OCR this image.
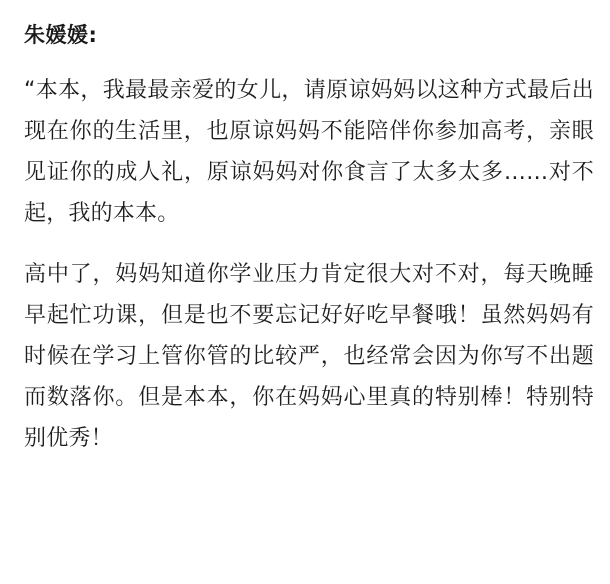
朱媛媛:

“本本，我最最亲爱的女儿，请原谅妈妈以这种方式最后出现在你的生活里，也原谅妈妈不能陪伴你参加高考，亲眼见证你的成人礼，原谅妈妈对你食言了太多太多……对不起，我的本本。

高中了，妈妈知道你学业压力肯定很大对不对，每天晚睡早起忙功课，但是也不要忘记好好吃早餐哦！虽然妈妈有时候在学习上管你管的比较严，也经常会因为你写不出题而数落你。但是本本，你在妈妈心里真的特别棒！特别特别优秀！
